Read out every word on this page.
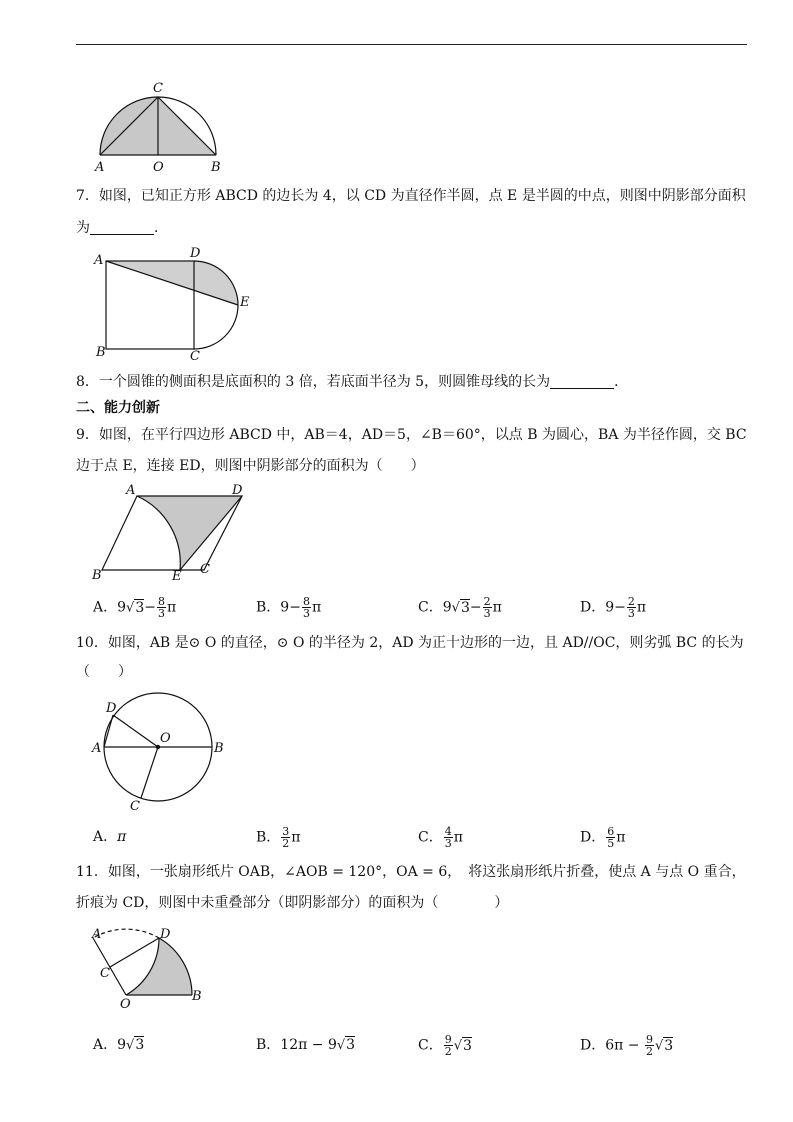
C
A	O	B
7．如图，已知正方形 ABCD 的边长为 4，以 CD 为直径作半圆，点 E 是半圆的中点，则图中阴影部分面积
为	．
A	D
E
B	C
8．一个圆锥的侧面积是底面积的 3 倍，若底面半径为 5，则圆锥母线的长为	．
二、能力创新
9．如图，在平行四边形 ABCD 中，AB＝4，AD＝5，∠B＝60°，以点 B 为圆心，BA 为半径作圆，交 BC
边于点 E，连接 ED，则图中阴影部分的面积为（　　）
A	D
B	E C
A．$9√3- \frac{8}{3}$ π	B．$9- \frac{8}{3}$ π	C．$9√3- \frac{2}{3}$ π	D．$9- \frac{2}{3}$ π
10．如图，AB 是⊙ O 的直径，⊙ O 的半径为 2，AD 为正十边形的一边，且 AD//OC，则劣弧 BC 的长为
（　　）
D
O
A	B
C
A．π	B． $\frac{3}{2}$ π	C． $\frac{4}{3}$ π	D． $\frac{6}{5}$ π
11．如图，一张扇形纸片 OAB，∠AOB = 120°，OA = 6，　将这张扇形纸片折叠，使点 A 与点 O 重合，
折痕为 CD，则图中未重叠部分（即阴影部分）的面积为（　　　　）
A	D
C
O
B
A．9√3	B．12π − 9√3	C． $\frac{9}{2} √3$	D．$6\pi - \frac{9}{2} √3$
